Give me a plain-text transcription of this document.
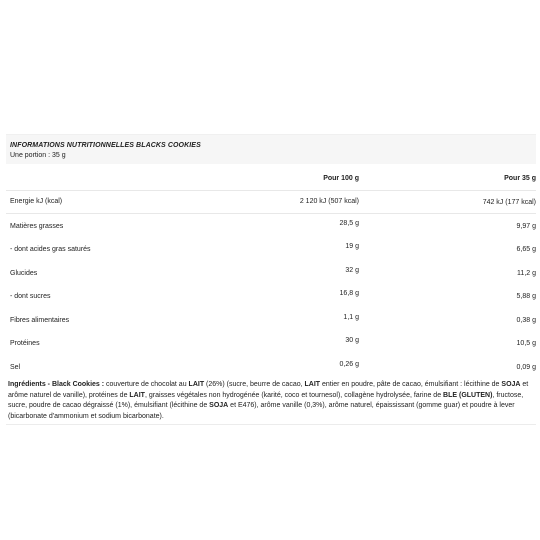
INFORMATIONS NUTRITIONNELLES BLACKS COOKIES
Une portion : 35 g
	Pour 100 g	Pour 35 g
Energie kJ (kcal)	2 120 kJ (507 kcal)	742 kJ (177 kcal)
Matières grasses	28,5 g	9,97 g
- dont acides gras saturés	19 g	6,65 g
Glucides	32 g	11,2 g
- dont sucres	16,8 g	5,88 g
Fibres alimentaires	1,1 g	0,38 g
Protéines	30 g	10,5 g
Sel	0,26 g	0,09 g
Ingrédients - Black Cookies : couverture de chocolat au LAIT (26%) (sucre, beurre de cacao, LAIT entier en poudre, pâte de cacao, émulsifiant : lécithine de SOJA et arôme naturel de vanille), protéines de LAIT, graisses végétales non hydrogénée (karité, coco et tournesol), collagène hydrolysée, farine de BLE (GLUTEN), fructose, sucre, poudre de cacao dégraissé (1%), émulsifiant (lécithine de SOJA et E476), arôme vanille (0,3%), arôme naturel, épaississant (gomme guar) et poudre à lever (bicarbonate d'ammonium et sodium bicarbonate).
